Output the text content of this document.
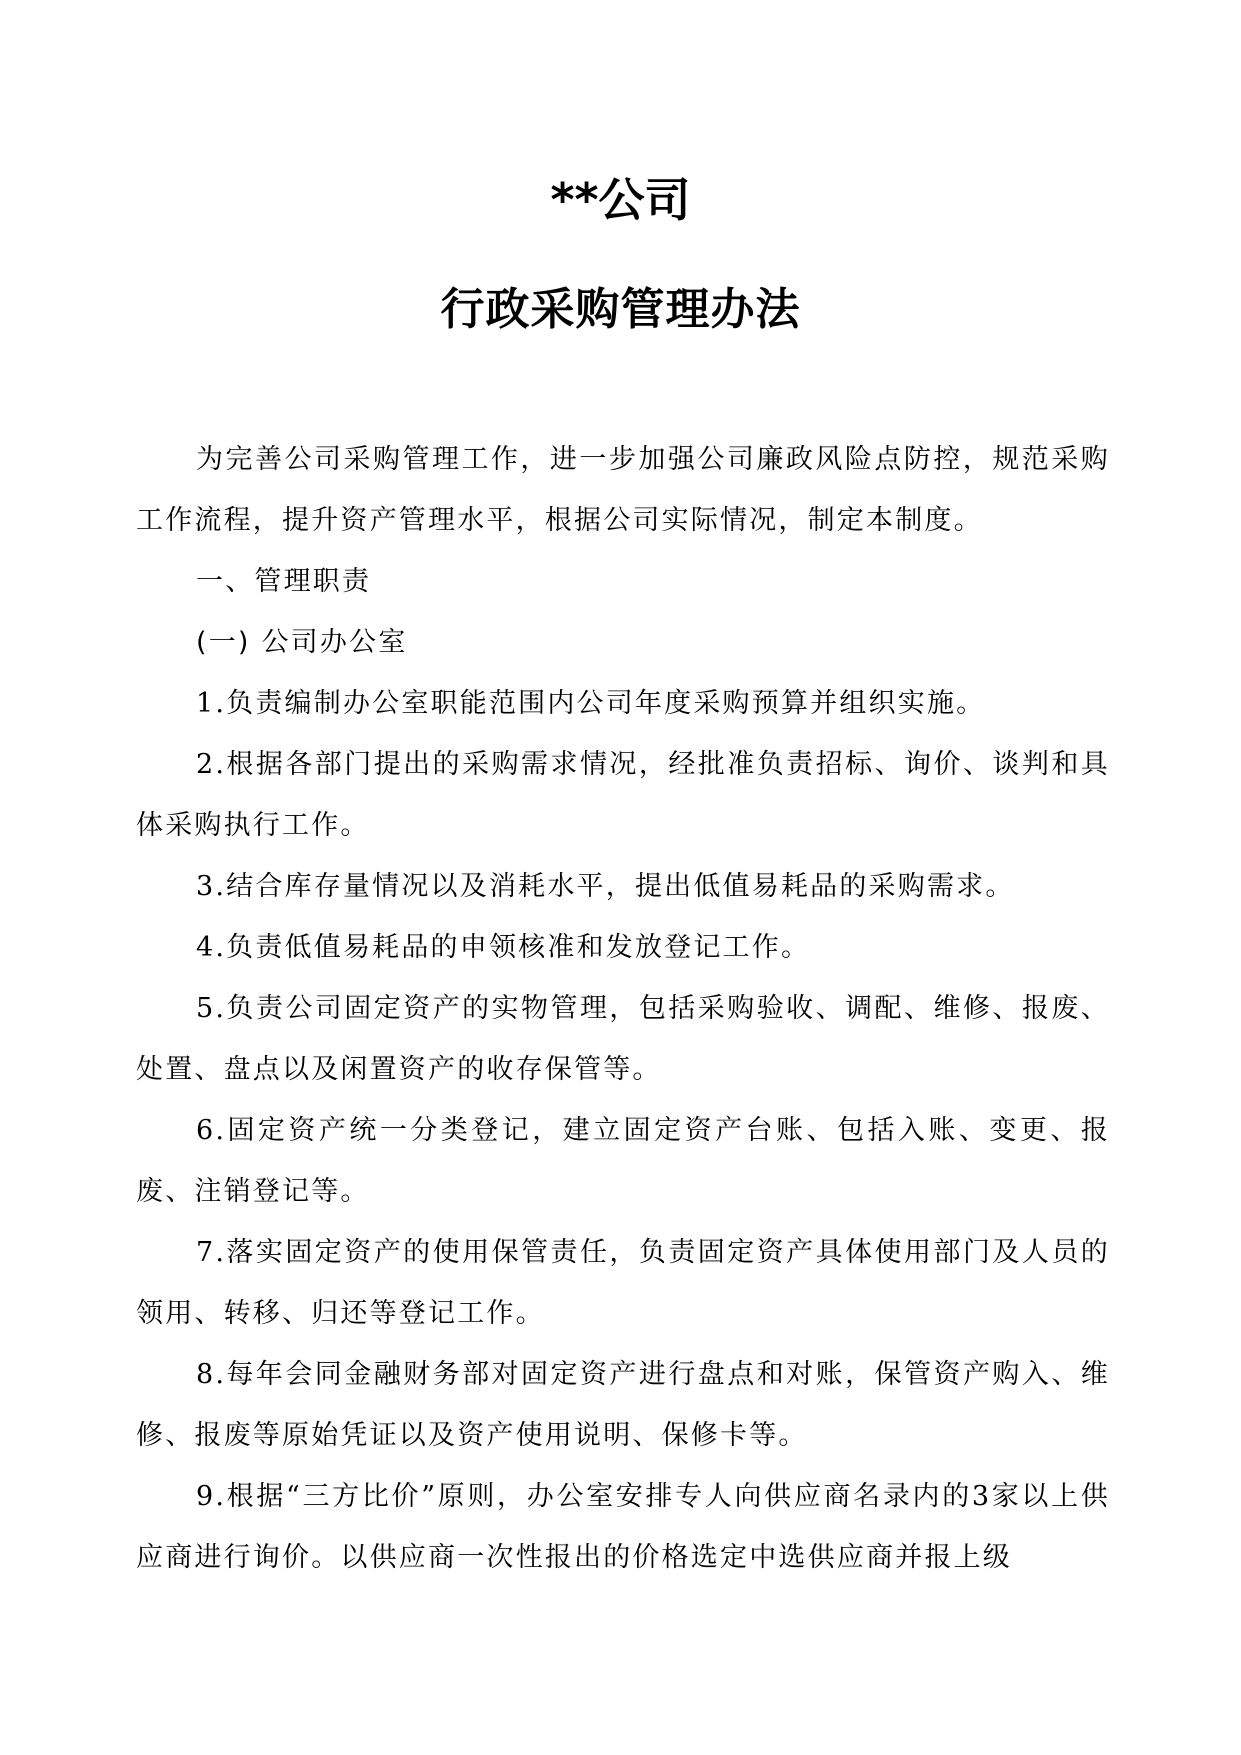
**公司
行政采购管理办法

为完善公司采购管理工作，进一步加强公司廉政风险点防控，规范采购工作流程，提升资产管理水平，根据公司实际情况，制定本制度。

一、管理职责

(一) 公司办公室

1.负责编制办公室职能范围内公司年度采购预算并组织实施。

2.根据各部门提出的采购需求情况，经批准负责招标、询价、谈判和具体采购执行工作。

3.结合库存量情况以及消耗水平，提出低值易耗品的采购需求。

4.负责低值易耗品的申领核准和发放登记工作。

5.负责公司固定资产的实物管理，包括采购验收、调配、维修、报废、处置、盘点以及闲置资产的收存保管等。

6.固定资产统一分类登记，建立固定资产台账、包括入账、变更、报废、注销登记等。

7.落实固定资产的使用保管责任，负责固定资产具体使用部门及人员的领用、转移、归还等登记工作。

8.每年会同金融财务部对固定资产进行盘点和对账，保管资产购入、维修、报废等原始凭证以及资产使用说明、保修卡等。

9.根据“三方比价”原则，办公室安排专人向供应商名录内的3家以上供应商进行询价。以供应商一次性报出的价格选定中选供应商并报上级
